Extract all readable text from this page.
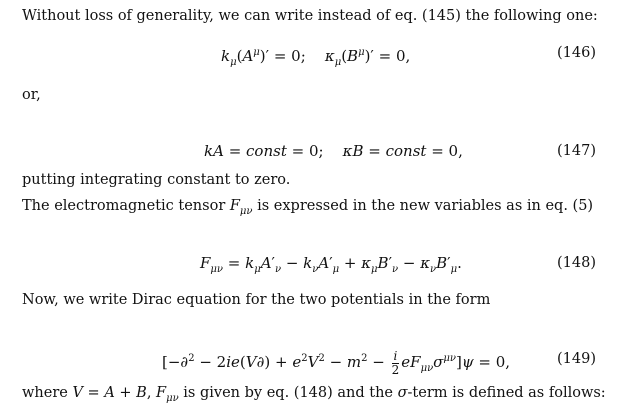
Without loss of generality, we can write instead of eq. (145) the following one:
$k_\mu(A^\mu)' = 0$;    $\kappa_\mu(B^\mu)' = 0$,	(146)
or,
kA = const = 0;    κB = const = 0,	(147)
putting integrating constant to zero.
The electromagnetic tensor $F_{\mu\nu}$ is expressed in the new variables as in eq. (5)
$F_{\mu\nu} = k_\mu A'_\nu - k_\nu A'_\mu + \kappa_\mu B'_\nu - \kappa_\nu B'_\mu$.	(148)
Now, we write Dirac equation for the two potentials in the form
$[-\partial^2 - 2ie(V\partial) + e^2V^2 - m^2 - \frac{i}{2} eF_{\mu\nu}\sigma^{\mu\nu}]\psi = 0$,	(149)
where V = A + B, $F_{\mu\nu}$ is given by eq. (148) and the σ-term is defined as follows:
